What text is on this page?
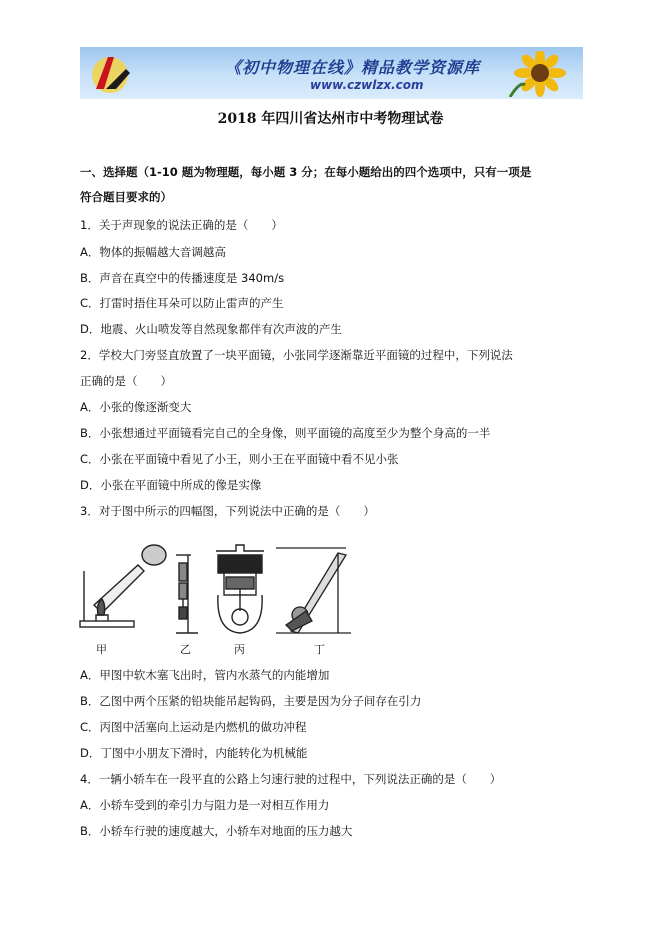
《初中物理在线》精品教学资源库
www.czwlzx.com
2018 年四川省达州市中考物理试卷
一、选择题（1-10 题为物理题，每小题 3 分；在每小题给出的四个选项中，只有一项是
符合题目要求的）
1．关于声现象的说法正确的是（　　）
A．物体的振幅越大音调越高
B．声音在真空中的传播速度是 340m/s
C．打雷时捂住耳朵可以防止雷声的产生
D．地震、火山喷发等自然现象都伴有次声波的产生
2．学校大门旁竖直放置了一块平面镜，小张同学逐渐靠近平面镜的过程中，下列说法
正确的是（　　）
A．小张的像逐渐变大
B．小张想通过平面镜看完自己的全身像，则平面镜的高度至少为整个身高的一半
C．小张在平面镜中看见了小王，则小王在平面镜中看不见小张
D．小张在平面镜中所成的像是实像
3．对于图中所示的四幅图，下列说法中正确的是（　　）
甲	乙	丙	丁
A．甲图中软木塞飞出时，管内水蒸气的内能增加
B．乙图中两个压紧的铅块能吊起钩码，主要是因为分子间存在引力
C．丙图中活塞向上运动是内燃机的做功冲程
D．丁图中小朋友下滑时，内能转化为机械能
4．一辆小轿车在一段平直的公路上匀速行驶的过程中，下列说法正确的是（　　）
A．小轿车受到的牵引力与阻力是一对相互作用力
B．小轿车行驶的速度越大，小轿车对地面的压力越大
